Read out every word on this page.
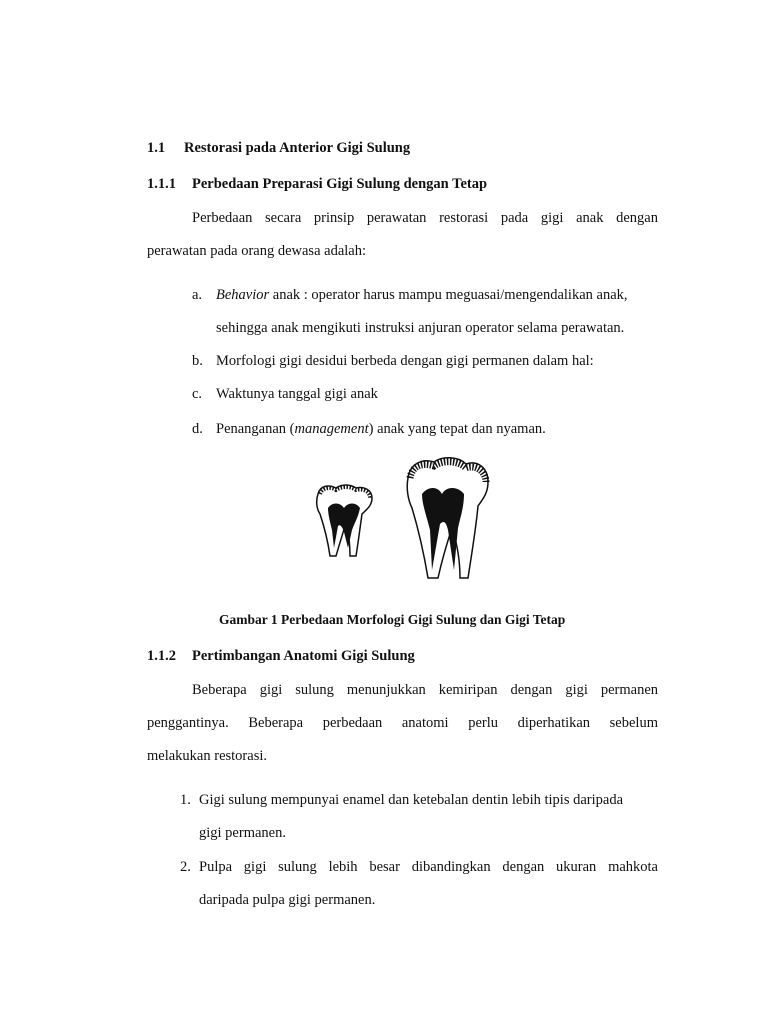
1.1 Restorasi pada Anterior Gigi Sulung
1.1.1 Perbedaan Preparasi Gigi Sulung dengan Tetap
Perbedaan secara prinsip perawatan restorasi pada gigi anak dengan
perawatan pada orang dewasa adalah:
a. Behavior anak : operator harus mampu meguasai/mengendalikan anak,
sehingga anak mengikuti instruksi anjuran operator selama perawatan.
b. Morfologi gigi desidui berbeda dengan gigi permanen dalam hal:
c. Waktunya tanggal gigi anak
d. Penanganan (management) anak yang tepat dan nyaman.
Gambar 1 Perbedaan Morfologi Gigi Sulung dan Gigi Tetap
1.1.2 Pertimbangan Anatomi Gigi Sulung
Beberapa gigi sulung menunjukkan kemiripan dengan gigi permanen
penggantinya. Beberapa perbedaan anatomi perlu diperhatikan sebelum
melakukan restorasi.
1. Gigi sulung mempunyai enamel dan ketebalan dentin lebih tipis daripada
gigi permanen.
2. Pulpa gigi sulung lebih besar dibandingkan dengan ukuran mahkota
daripada pulpa gigi permanen.
